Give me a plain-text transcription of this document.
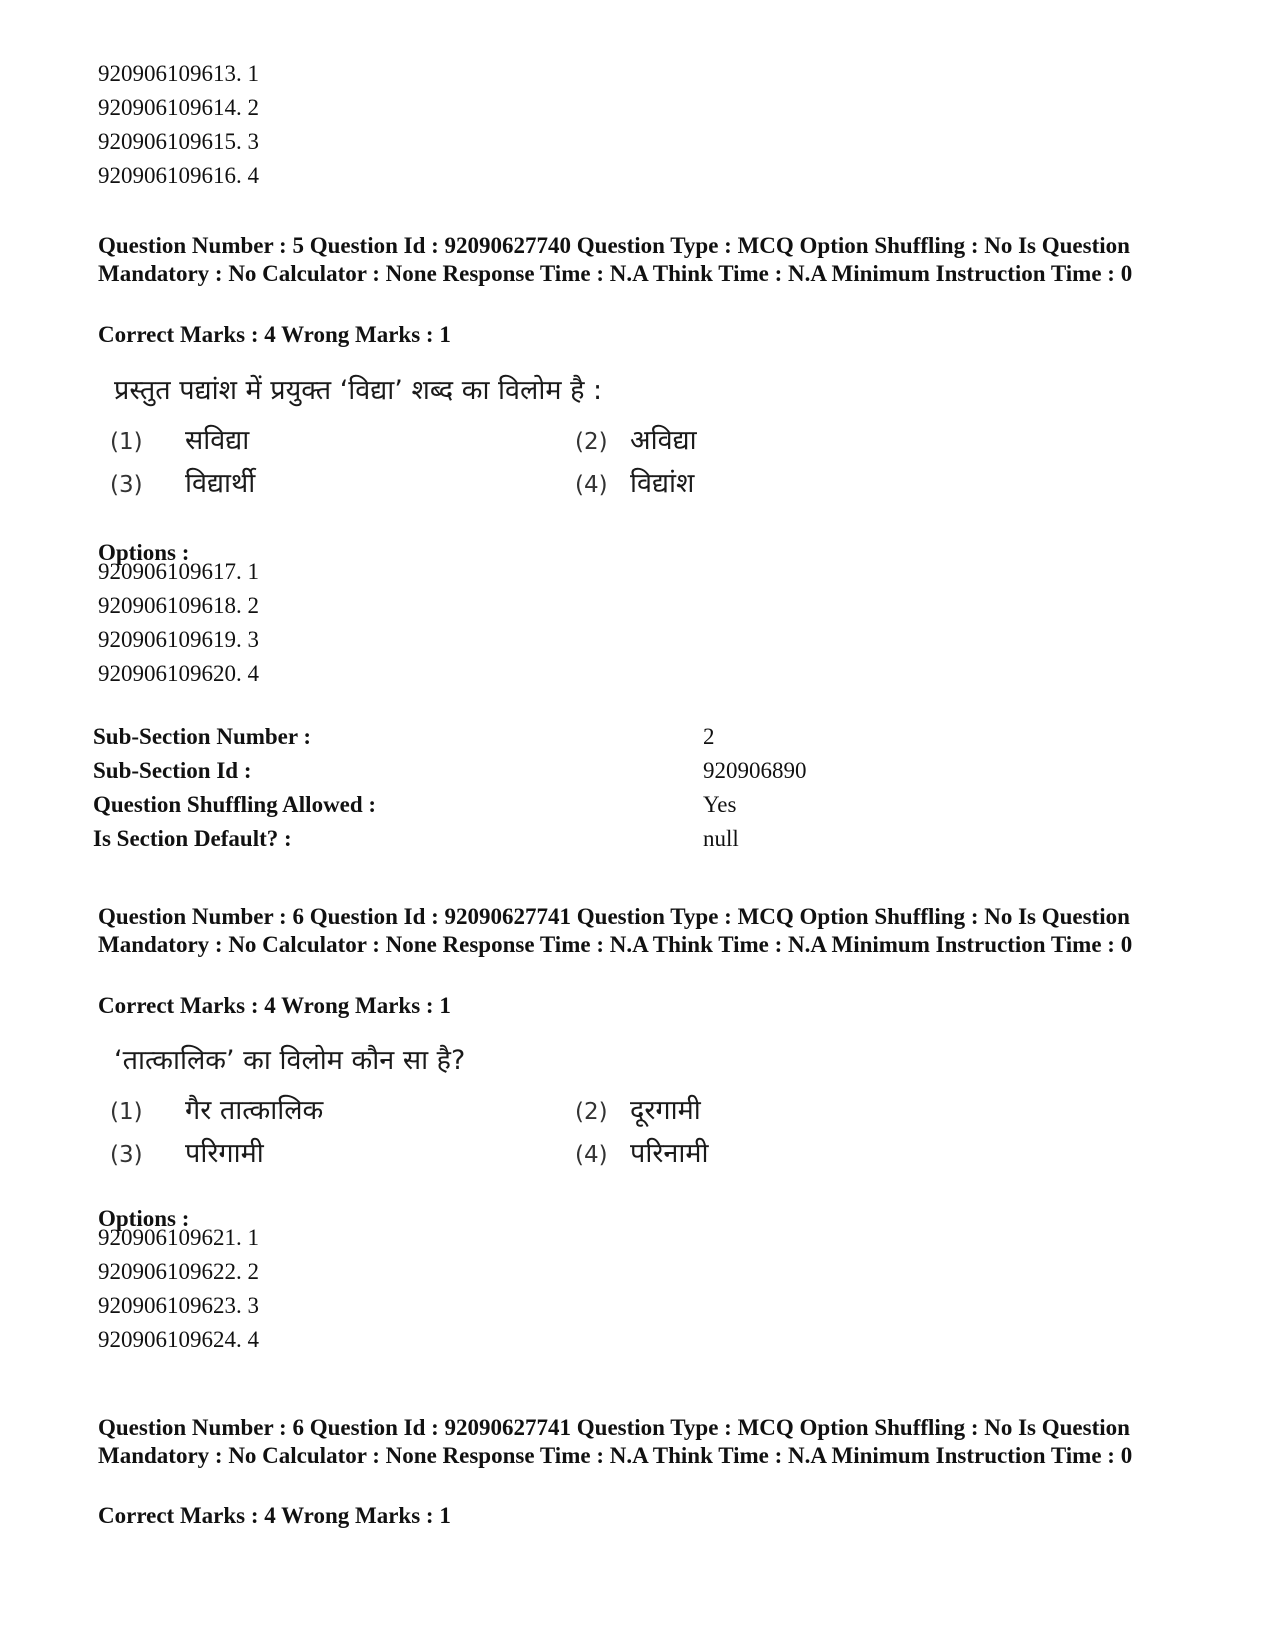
920906109613. 1
920906109614. 2
920906109615. 3
920906109616. 4
Question Number : 5 Question Id : 92090627740 Question Type : MCQ Option Shuffling : No Is Question Mandatory : No Calculator : None Response Time : N.A Think Time : N.A Minimum Instruction Time : 0
Correct Marks : 4 Wrong Marks : 1
प्रस्तुत पद्यांश में प्रयुक्त ‘विद्या’ शब्द का विलोम है :
(1) सविद्या	(2) अविद्या
(3) विद्यार्थी	(4) विद्यांश
Options :
920906109617. 1
920906109618. 2
920906109619. 3
920906109620. 4
Sub-Section Number :	2
Sub-Section Id :	920906890
Question Shuffling Allowed :	Yes
Is Section Default? :	null
Question Number : 6 Question Id : 92090627741 Question Type : MCQ Option Shuffling : No Is Question Mandatory : No Calculator : None Response Time : N.A Think Time : N.A Minimum Instruction Time : 0
Correct Marks : 4 Wrong Marks : 1
‘तात्कालिक’ का विलोम कौन सा है?
(1) गैर तात्कालिक	(2) दूरगामी
(3) परिगामी	(4) परिनामी
Options :
920906109621. 1
920906109622. 2
920906109623. 3
920906109624. 4
Question Number : 6 Question Id : 92090627741 Question Type : MCQ Option Shuffling : No Is Question Mandatory : No Calculator : None Response Time : N.A Think Time : N.A Minimum Instruction Time : 0
Correct Marks : 4 Wrong Marks : 1
